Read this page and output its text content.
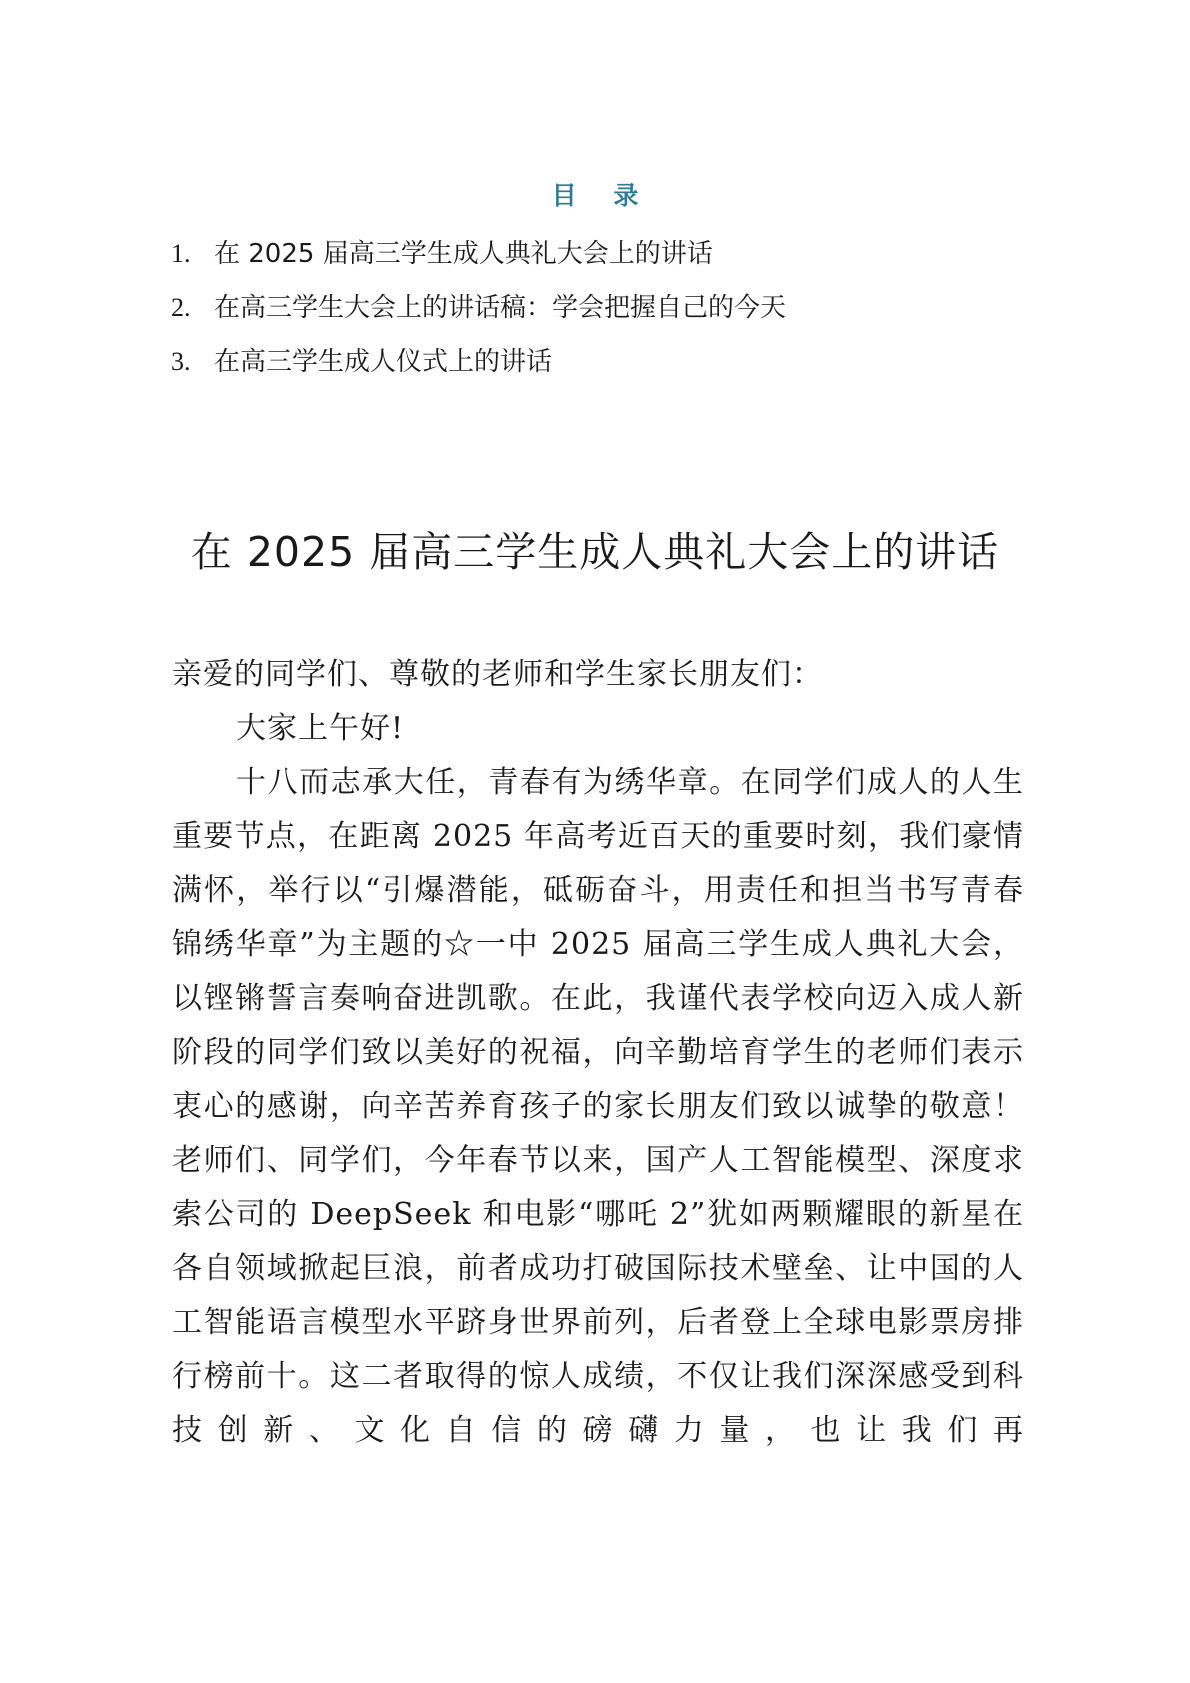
目 录
1. 在 2025 届高三学生成人典礼大会上的讲话
2. 在高三学生大会上的讲话稿：学会把握自己的今天
3. 在高三学生成人仪式上的讲话
在 2025 届高三学生成人典礼大会上的讲话

亲爱的同学们、尊敬的老师和学生家长朋友们：

大家上午好!

十八而志承大任，青春有为绣华章。在同学们成人的人生重要节点，在距离 2025 年高考近百天的重要时刻，我们豪情满怀，举行以“引爆潜能，砥砺奋斗，用责任和担当书写青春锦绣华章”为主题的☆一中 2025 届高三学生成人典礼大会，以铿锵誓言奏响奋进凯歌。在此，我谨代表学校向迈入成人新阶段的同学们致以美好的祝福，向辛勤培育学生的老师们表示衷心的感谢，向辛苦养育孩子的家长朋友们致以诚挚的敬意！老师们、同学们，今年春节以来，国产人工智能模型、深度求索公司的 DeepSeek 和电影“哪吒 2”犹如两颗耀眼的新星在各自领域掀起巨浪，前者成功打破国际技术壁垒、让中国的人工智能语言模型水平跻身世界前列，后者登上全球电影票房排行榜前十。这二者取得的惊人成绩，不仅让我们深深感受到科技创新、文化自信的磅礴力量，也让我们再
